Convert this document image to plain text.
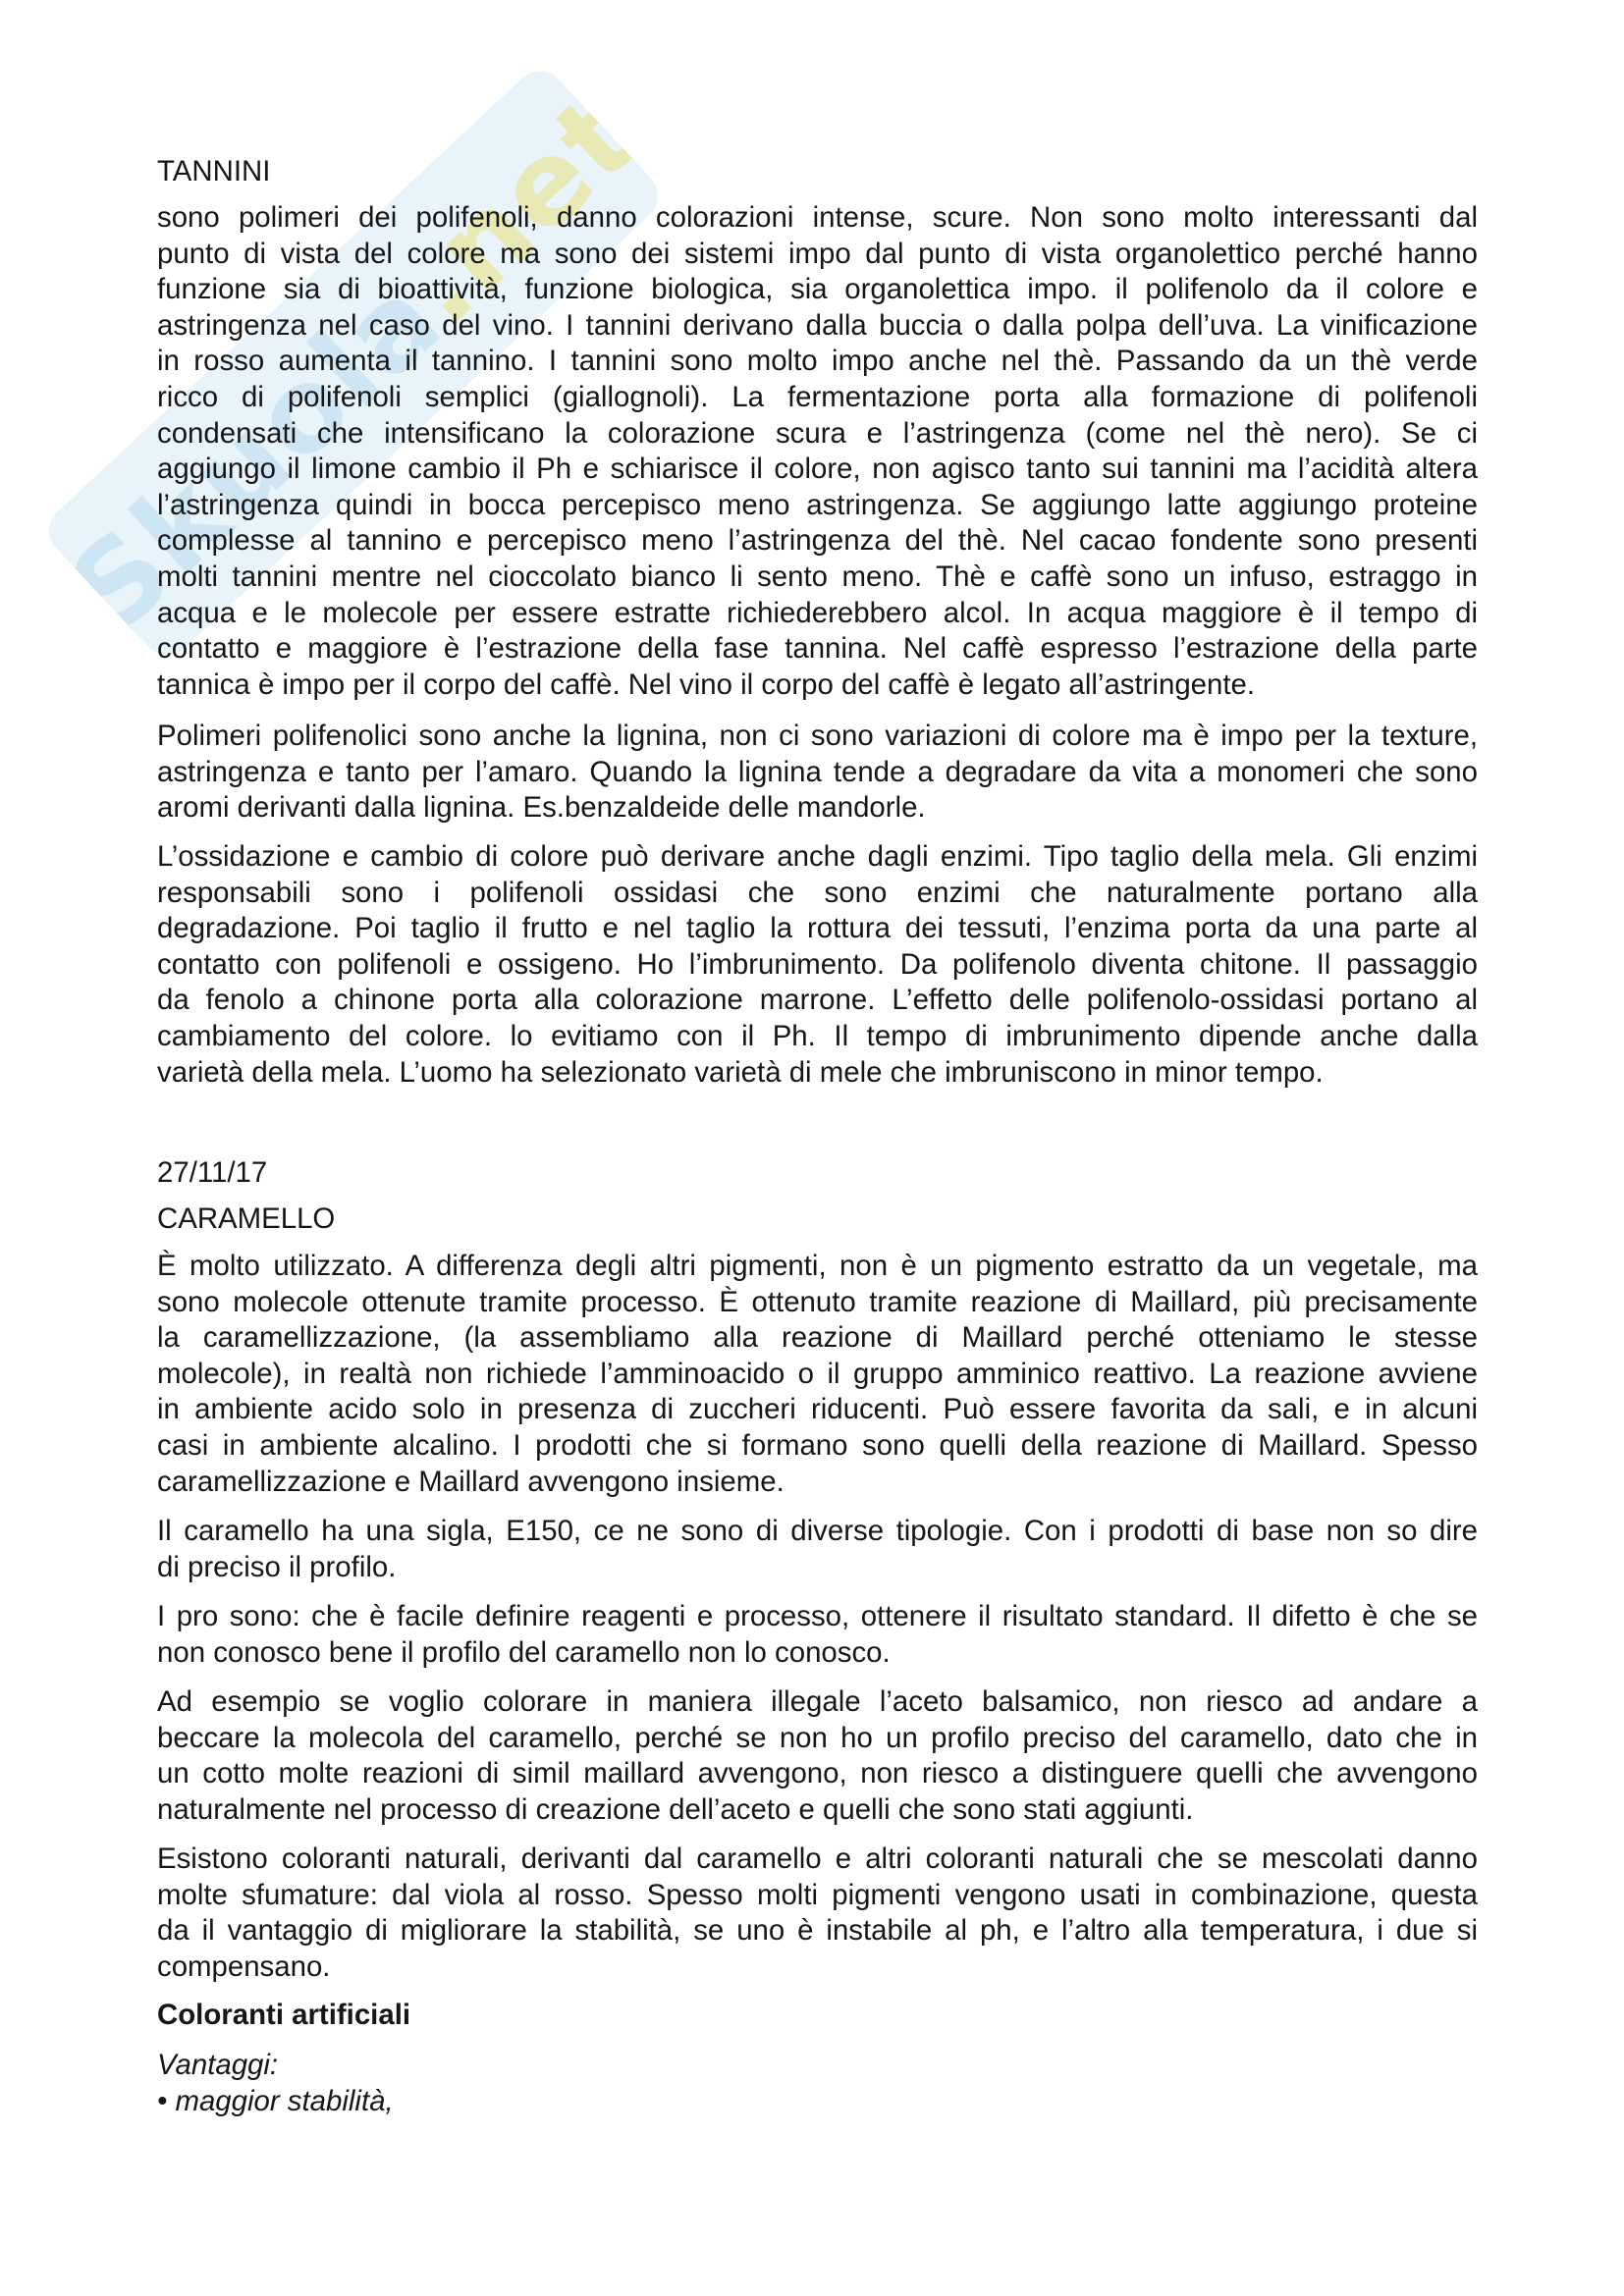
Skuola
.net
TANNINI
sono polimeri dei polifenoli, danno colorazioni intense, scure. Non sono molto interessanti dal
punto di vista del colore ma sono dei sistemi impo dal punto di vista organolettico perché hanno
funzione sia di bioattività, funzione biologica, sia organolettica impo. il polifenolo da il colore e
astringenza nel caso del vino. I tannini derivano dalla buccia o dalla polpa dell’uva. La vinificazione
in rosso aumenta il tannino. I tannini sono molto impo anche nel thè. Passando da un thè verde
ricco di polifenoli semplici (giallognoli). La fermentazione porta alla formazione di polifenoli
condensati che intensificano la colorazione scura e l’astringenza (come nel thè nero). Se ci
aggiungo il limone cambio il Ph e schiarisce il colore, non agisco tanto sui tannini ma l’acidità altera
l’astringenza quindi in bocca percepisco meno astringenza. Se aggiungo latte aggiungo proteine
complesse al tannino e percepisco meno l’astringenza del thè. Nel cacao fondente sono presenti
molti tannini mentre nel cioccolato bianco li sento meno. Thè e caffè sono un infuso, estraggo in
acqua e le molecole per essere estratte richiederebbero alcol. In acqua maggiore è il tempo di
contatto e maggiore è l’estrazione della fase tannina. Nel caffè espresso l’estrazione della parte
tannica è impo per il corpo del caffè. Nel vino il corpo del caffè è legato all’astringente.
Polimeri polifenolici sono anche la lignina, non ci sono variazioni di colore ma è impo per la texture,
astringenza e tanto per l’amaro. Quando la lignina tende a degradare da vita a monomeri che sono
aromi derivanti dalla lignina. Es.benzaldeide delle mandorle.
L’ossidazione e cambio di colore può derivare anche dagli enzimi. Tipo taglio della mela. Gli enzimi
responsabili sono i polifenoli ossidasi che sono enzimi che naturalmente portano alla
degradazione. Poi taglio il frutto e nel taglio la rottura dei tessuti, l’enzima porta da una parte al
contatto con polifenoli e ossigeno. Ho l’imbrunimento. Da polifenolo diventa chitone. Il passaggio
da fenolo a chinone porta alla colorazione marrone. L’effetto delle polifenolo-ossidasi portano al
cambiamento del colore. lo evitiamo con il Ph. Il tempo di imbrunimento dipende anche dalla
varietà della mela. L’uomo ha selezionato varietà di mele che imbruniscono in minor tempo.
27/11/17
CARAMELLO
È molto utilizzato. A differenza degli altri pigmenti, non è un pigmento estratto da un vegetale, ma
sono molecole ottenute tramite processo. È ottenuto tramite reazione di Maillard, più precisamente
la caramellizzazione, (la assembliamo alla reazione di Maillard perché otteniamo le stesse
molecole), in realtà non richiede l’amminoacido o il gruppo amminico reattivo. La reazione avviene
in ambiente acido solo in presenza di zuccheri riducenti. Può essere favorita da sali, e in alcuni
casi in ambiente alcalino. I prodotti che si formano sono quelli della reazione di Maillard. Spesso
caramellizzazione e Maillard avvengono insieme.
Il caramello ha una sigla, E150, ce ne sono di diverse tipologie. Con i prodotti di base non so dire
di preciso il profilo.
I pro sono: che è facile definire reagenti e processo, ottenere il risultato standard. Il difetto è che se
non conosco bene il profilo del caramello non lo conosco.
Ad esempio se voglio colorare in maniera illegale l’aceto balsamico, non riesco ad andare a
beccare la molecola del caramello, perché se non ho un profilo preciso del caramello, dato che in
un cotto molte reazioni di simil maillard avvengono, non riesco a distinguere quelli che avvengono
naturalmente nel processo di creazione dell’aceto e quelli che sono stati aggiunti.
Esistono coloranti naturali, derivanti dal caramello e altri coloranti naturali che se mescolati danno
molte sfumature: dal viola al rosso. Spesso molti pigmenti vengono usati in combinazione, questa
da il vantaggio di migliorare la stabilità, se uno è instabile al ph, e l’altro alla temperatura, i due si
compensano.
Coloranti artificiali
Vantaggi:
• maggior stabilità,
